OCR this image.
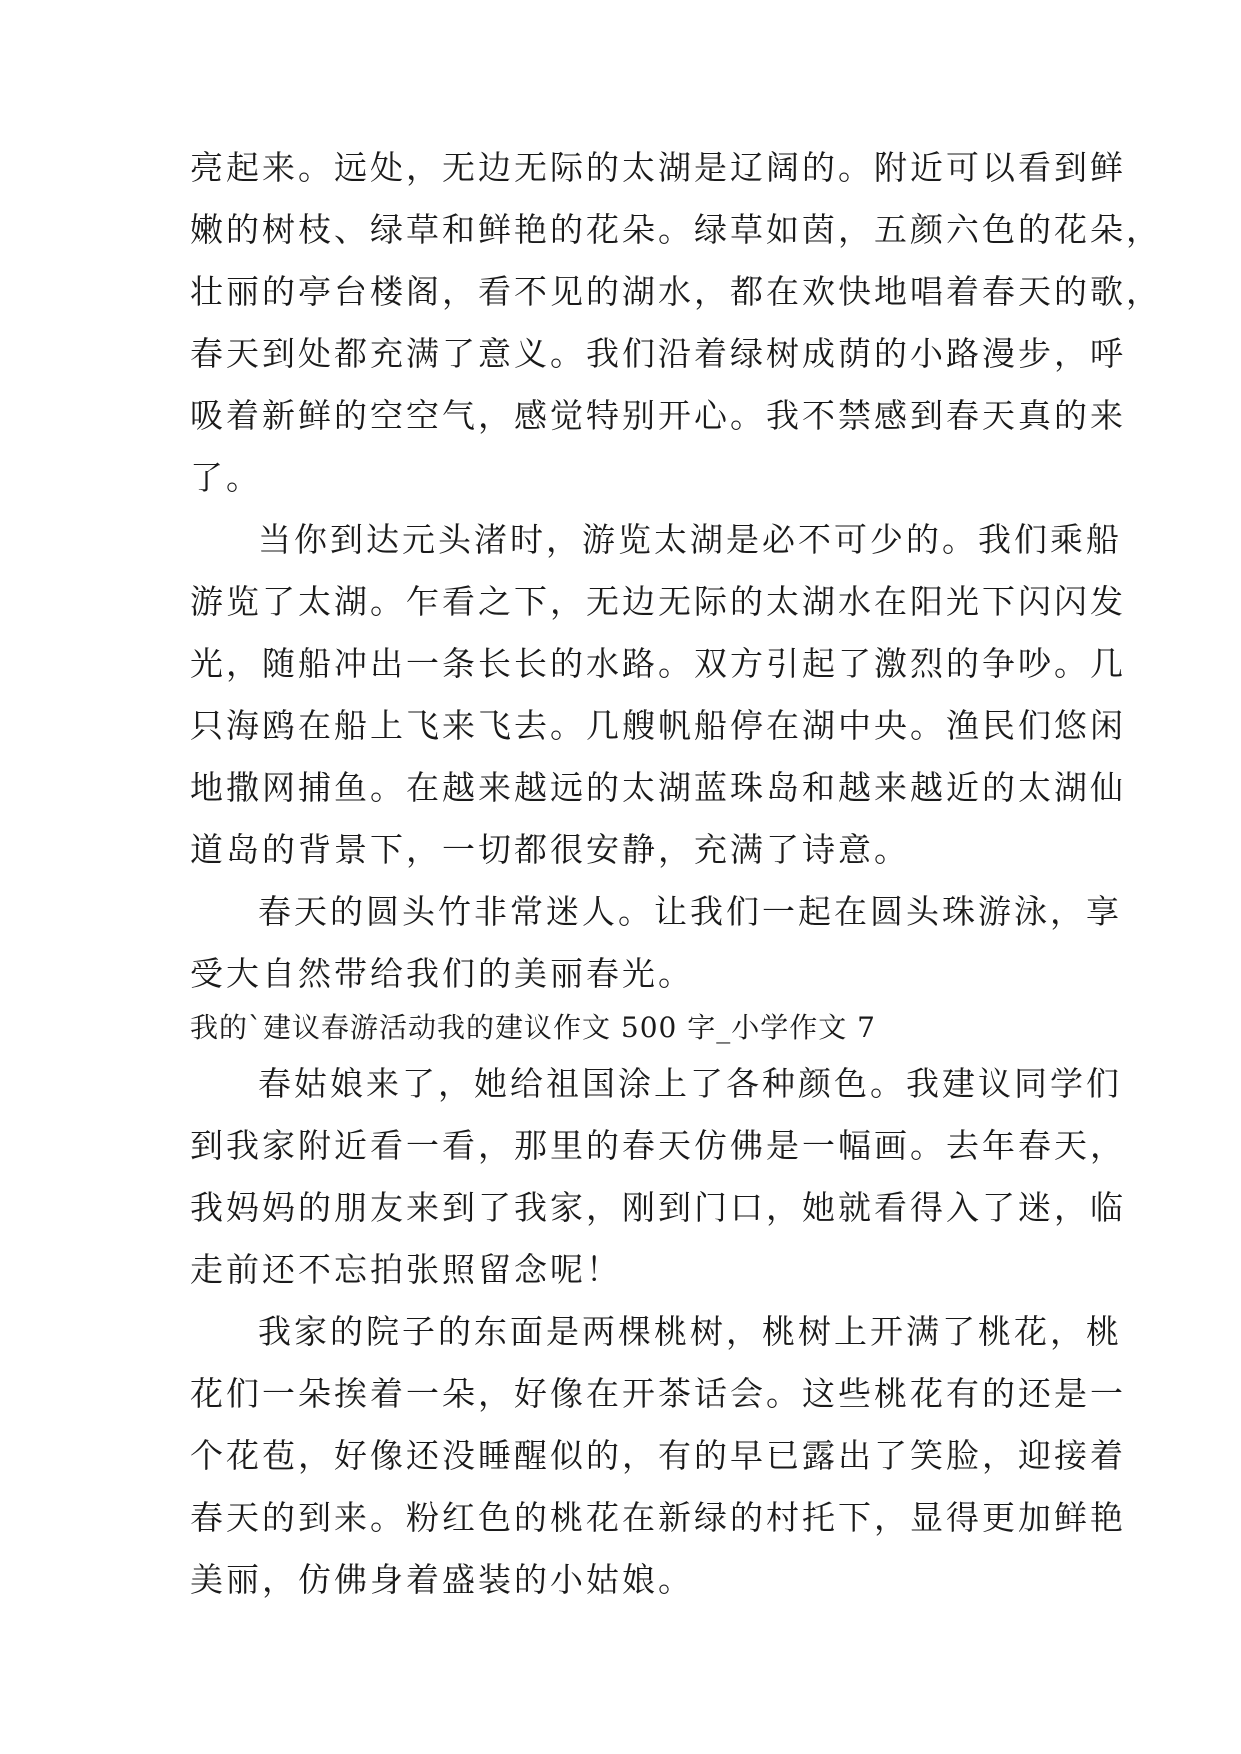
亮起来。远处，无边无际的太湖是辽阔的。附近可以看到鲜
嫩的树枝、绿草和鲜艳的花朵。绿草如茵，五颜六色的花朵，
壮丽的亭台楼阁，看不见的湖水，都在欢快地唱着春天的歌，
春天到处都充满了意义。我们沿着绿树成荫的小路漫步，呼
吸着新鲜的空空气，感觉特别开心。我不禁感到春天真的来
了。
当你到达元头渚时，游览太湖是必不可少的。我们乘船
游览了太湖。乍看之下，无边无际的太湖水在阳光下闪闪发
光，随船冲出一条长长的水路。双方引起了激烈的争吵。几
只海鸥在船上飞来飞去。几艘帆船停在湖中央。渔民们悠闲
地撒网捕鱼。在越来越远的太湖蓝珠岛和越来越近的太湖仙
道岛的背景下，一切都很安静，充满了诗意。
春天的圆头竹非常迷人。让我们一起在圆头珠游泳，享
受大自然带给我们的美丽春光。
我的`建议春游活动我的建议作文 500 字_小学作文 7
春姑娘来了，她给祖国涂上了各种颜色。我建议同学们
到我家附近看一看，那里的春天仿佛是一幅画。去年春天，
我妈妈的朋友来到了我家，刚到门口，她就看得入了迷，临
走前还不忘拍张照留念呢！
我家的院子的东面是两棵桃树，桃树上开满了桃花，桃
花们一朵挨着一朵，好像在开茶话会。这些桃花有的还是一
个花苞，好像还没睡醒似的，有的早已露出了笑脸，迎接着
春天的到来。粉红色的桃花在新绿的村托下，显得更加鲜艳
美丽，仿佛身着盛装的小姑娘。
